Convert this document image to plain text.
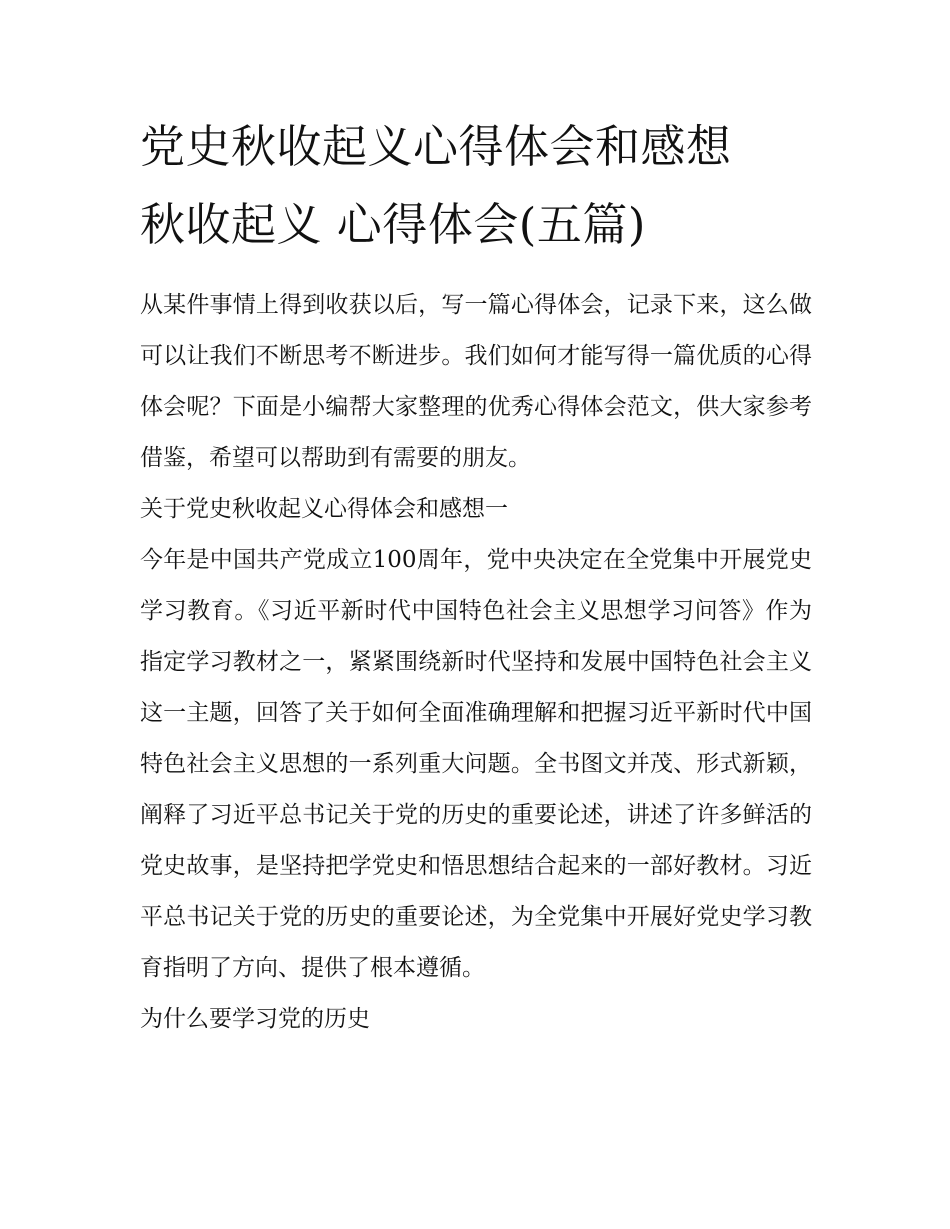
党史秋收起义心得体会和感想
秋收起义 心得体会(五篇)

从某件事情上得到收获以后，写一篇心得体会，记录下来，这么做可以让我们不断思考不断进步。我们如何才能写得一篇优质的心得体会呢？下面是小编帮大家整理的优秀心得体会范文，供大家参考借鉴，希望可以帮助到有需要的朋友。

关于党史秋收起义心得体会和感想一

今年是中国共产党成立100周年，党中央决定在全党集中开展党史学习教育。《习近平新时代中国特色社会主义思想学习问答》作为指定学习教材之一，紧紧围绕新时代坚持和发展中国特色社会主义这一主题，回答了关于如何全面准确理解和把握习近平新时代中国特色社会主义思想的一系列重大问题。全书图文并茂、形式新颖，阐释了习近平总书记关于党的历史的重要论述，讲述了许多鲜活的党史故事，是坚持把学党史和悟思想结合起来的一部好教材。习近平总书记关于党的历史的重要论述，为全党集中开展好党史学习教育指明了方向、提供了根本遵循。

为什么要学习党的历史
